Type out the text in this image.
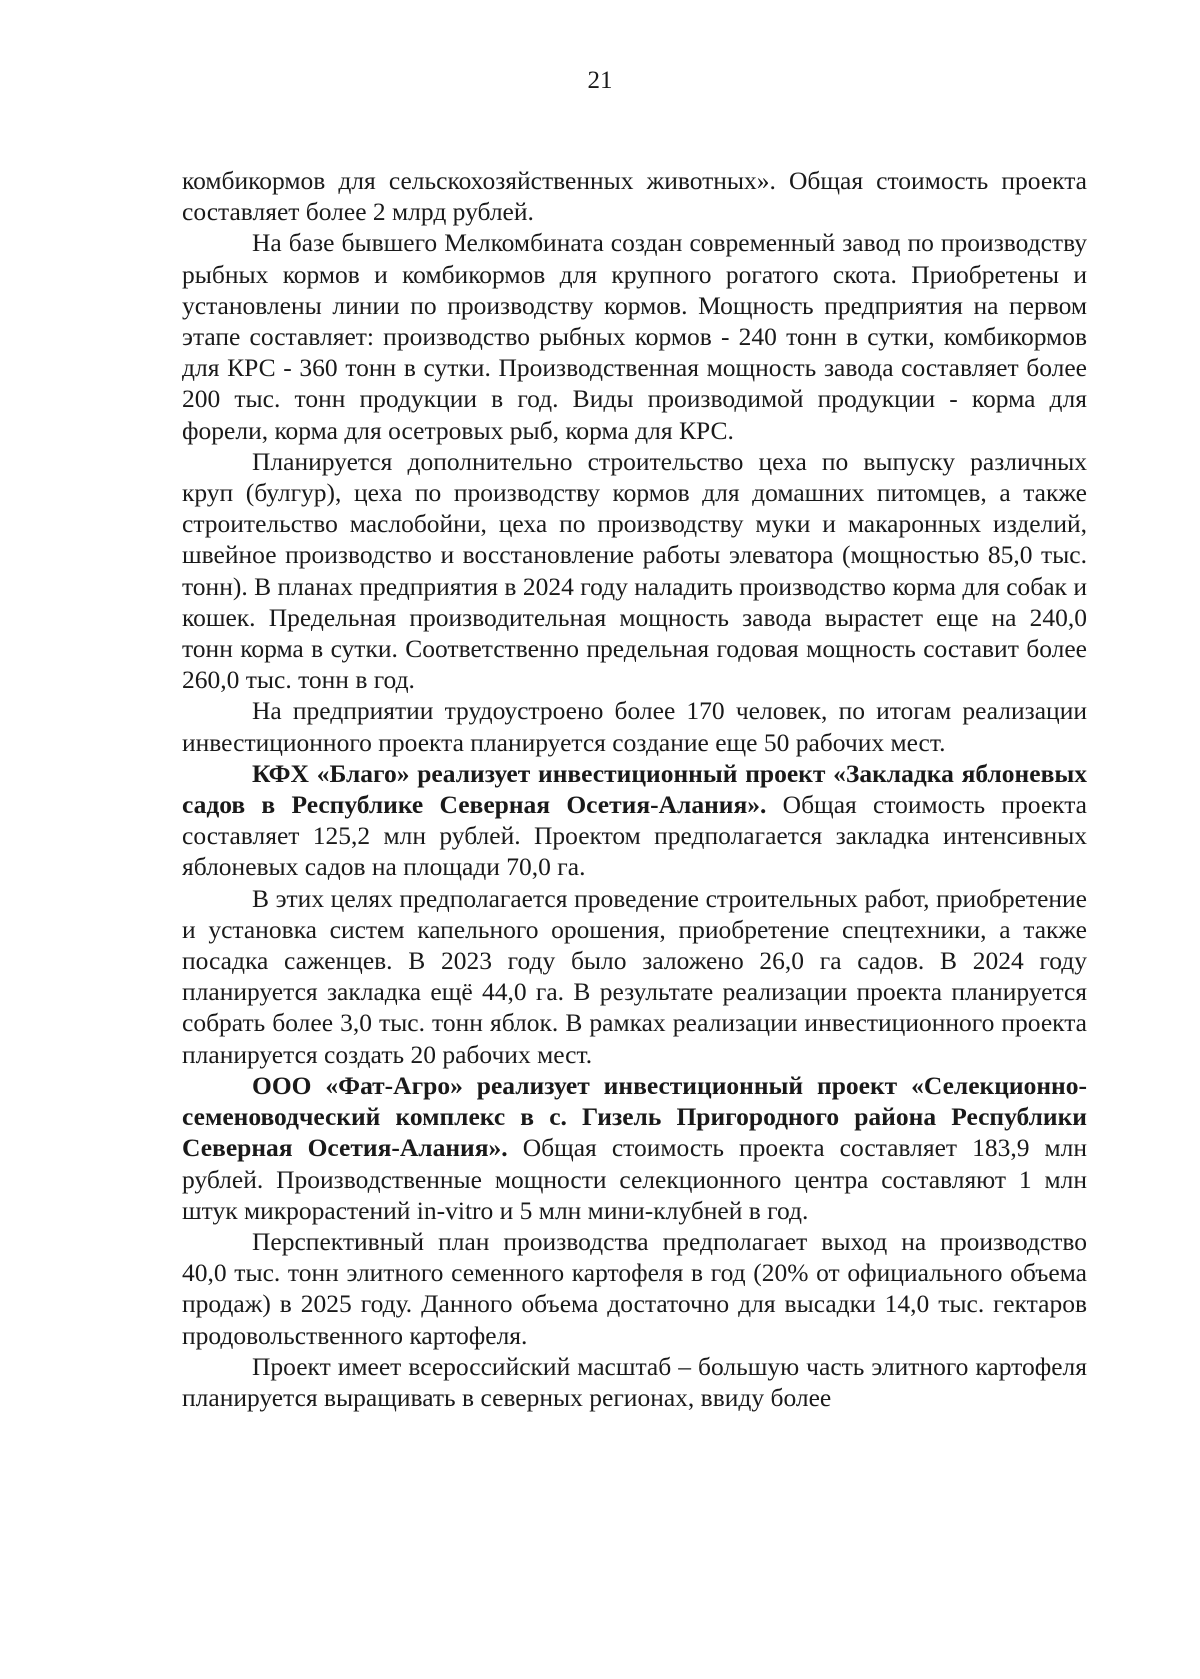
21

комбикормов для сельскохозяйственных животных». Общая стоимость проекта составляет более 2 млрд рублей.

На базе бывшего Мелкомбината создан современный завод по производству рыбных кормов и комбикормов для крупного рогатого скота. Приобретены и установлены линии по производству кормов. Мощность предприятия на первом этапе составляет: производство рыбных кормов - 240 тонн в сутки, комбикормов для КРС - 360 тонн в сутки. Производственная мощность завода составляет более 200 тыс. тонн продукции в год. Виды производимой продукции - корма для форели, корма для осетровых рыб, корма для КРС.

Планируется дополнительно строительство цеха по выпуску различных круп (булгур), цеха по производству кормов для домашних питомцев, а также строительство маслобойни, цеха по производству муки и макаронных изделий, швейное производство и восстановление работы элеватора (мощностью 85,0 тыс. тонн). В планах предприятия в 2024 году наладить производство корма для собак и кошек. Предельная производительная мощность завода вырастет еще на 240,0 тонн корма в сутки. Соответственно предельная годовая мощность составит более 260,0 тыс. тонн в год.

На предприятии трудоустроено более 170 человек, по итогам реализации инвестиционного проекта планируется создание еще 50 рабочих мест.

КФХ «Благо» реализует инвестиционный проект «Закладка яблоневых садов в Республике Северная Осетия-Алания». Общая стоимость проекта составляет 125,2 млн рублей. Проектом предполагается закладка интенсивных яблоневых садов на площади 70,0 га.

В этих целях предполагается проведение строительных работ, приобретение и установка систем капельного орошения, приобретение спецтехники, а также посадка саженцев. В 2023 году было заложено 26,0 га садов. В 2024 году планируется закладка ещё 44,0 га. В результате реализации проекта планируется собрать более 3,0 тыс. тонн яблок. В рамках реализации инвестиционного проекта планируется создать 20 рабочих мест.

ООО «Фат-Агро» реализует инвестиционный проект «Селекционно-семеноводческий комплекс в с. Гизель Пригородного района Республики Северная Осетия-Алания». Общая стоимость проекта составляет 183,9 млн рублей. Производственные мощности селекционного центра составляют 1 млн штук микрорастений in-vitro и 5 млн мини-клубней в год.

Перспективный план производства предполагает выход на производство 40,0 тыс. тонн элитного семенного картофеля в год (20% от официального объема продаж) в 2025 году. Данного объема достаточно для высадки 14,0 тыс. гектаров продовольственного картофеля.

Проект имеет всероссийский масштаб – большую часть элитного картофеля планируется выращивать в северных регионах, ввиду более
